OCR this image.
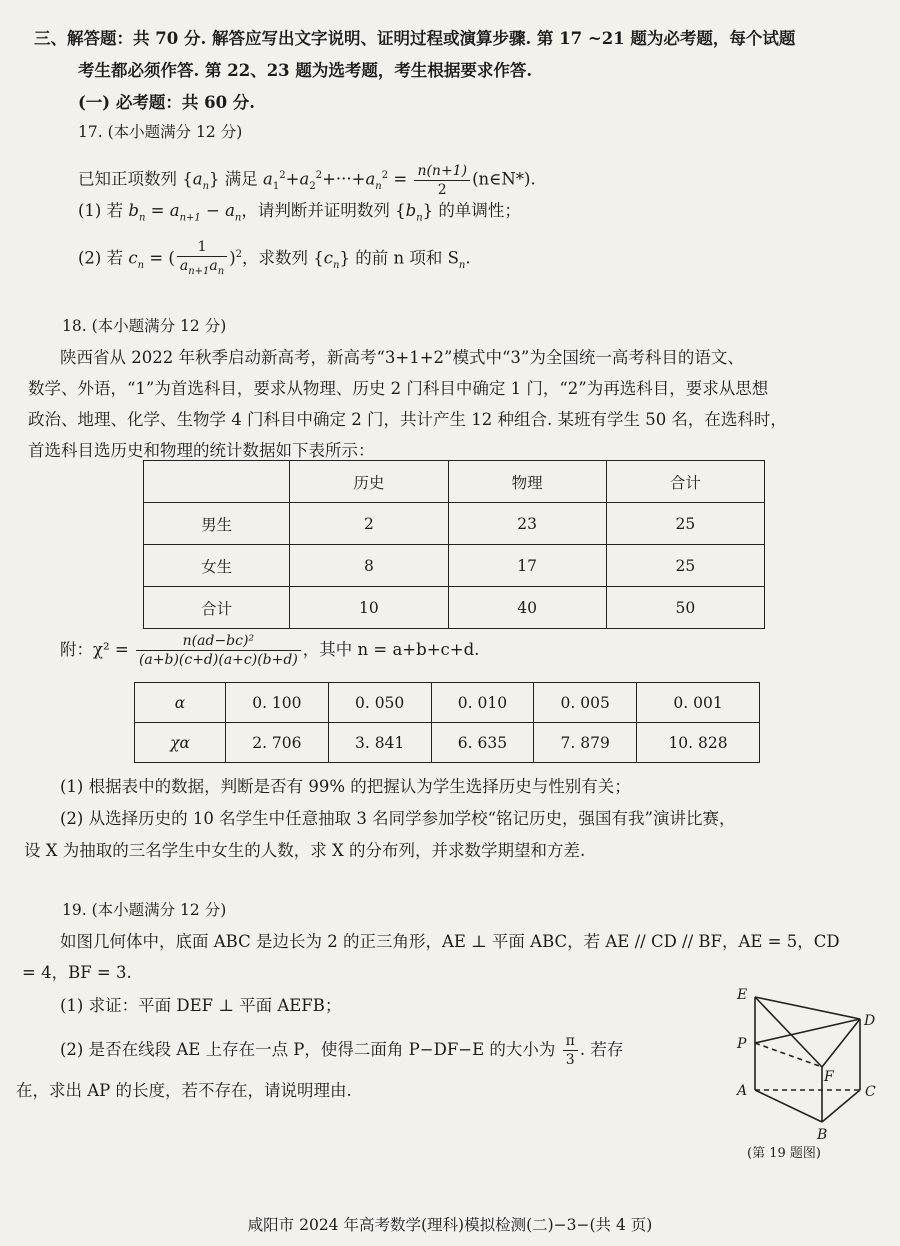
三、解答题：共 70 分. 解答应写出文字说明、证明过程或演算步骤. 第 17 ~21 题为必考题，每个试题
考生都必须作答. 第 22、23 题为选考题，考生根据要求作答.
(一) 必考题：共 60 分.
17. (本小题满分 12 分)
已知正项数列 $\{a_n\}$ 满足 $a_1^2+a_2^2+\cdot\cdot\cdot+a_n^2 = \frac{n(n+1)}{2}$ (n∈N*).
(1) 若 $b_n = a_{n+1} - a_n$，请判断并证明数列 $\{b_n\}$ 的单调性；
(2) 若 $c_n$ = ( $\frac{1}{a_{n+1}a_n} )^2$，求数列 $\{c_n\}$ 的前 n 项和 $S_n$.
18. (本小题满分 12 分)
陕西省从 2022 年秋季启动新高考，新高考“3+1+2”模式中“3”为全国统一高考科目的语文、
数学、外语，“1”为首选科目，要求从物理、历史 2 门科目中确定 1 门，“2”为再选科目，要求从思想
政治、地理、化学、生物学 4 门科目中确定 2 门，共计产生 12 种组合. 某班有学生 50 名，在选科时，
首选科目选历史和物理的统计数据如下表所示：
	历史	物理	合计
男生	2	23	25
女生	8	17	25
合计	10	40	50
附：$\chi^2 = \frac{\text{n(ad−bc)²}}{(a+b)(c+d)(a+c)(b+d)}$ ，其中 n = a+b+c+d.
α	0. 100	0. 050	0. 010	0. 005	0. 001
χα	2. 706	3. 841	6. 635	7. 879	10. 828
(1) 根据表中的数据，判断是否有 99% 的把握认为学生选择历史与性别有关；
(2) 从选择历史的 10 名学生中任意抽取 3 名同学参加学校“铭记历史，强国有我”演讲比赛，
设 X 为抽取的三名学生中女生的人数，求 X 的分布列，并求数学期望和方差.
19. (本小题满分 12 分)
如图几何体中，底面 ABC 是边长为 2 的正三角形，AE ⊥ 平面 ABC，若 AE // CD // BF，AE = 5，CD
= 4，BF = 3.
(1) 求证：平面 DEF ⊥ 平面 AEFB；
(2) 是否在线段 AE 上存在一点 P，使得二面角 P−DF−E 的大小为 $\frac{\pi}{3}$ . 若存
在，求出 AP 的长度，若不存在，请说明理由.
E
D
P
F
A	C
B
(第 19 题图)
咸阳市 2024 年高考数学(理科)模拟检测(二)−3−(共 4 页)
